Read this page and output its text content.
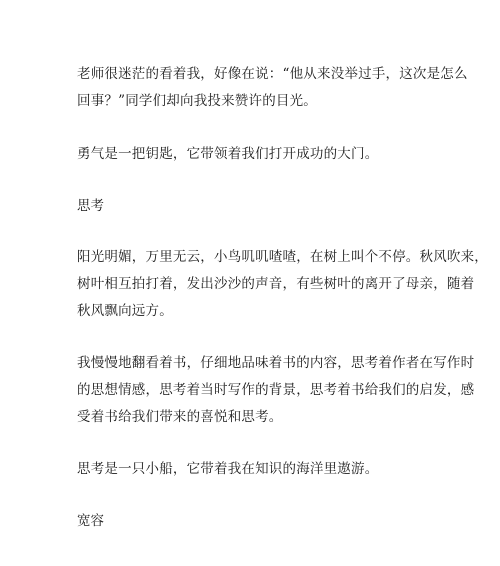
老师很迷茫的看着我，好像在说：“他从来没举过手，这次是怎么
回事？”同学们却向我投来赞许的目光。
勇气是一把钥匙，它带领着我们打开成功的大门。
思考
阳光明媚，万里无云，小鸟叽叽喳喳，在树上叫个不停。秋风吹来，
树叶相互拍打着，发出沙沙的声音，有些树叶的离开了母亲，随着
秋风飘向远方。
我慢慢地翻看着书，仔细地品味着书的内容，思考着作者在写作时
的思想情感，思考着当时写作的背景，思考着书给我们的启发，感
受着书给我们带来的喜悦和思考。
思考是一只小船，它带着我在知识的海洋里遨游。
宽容
